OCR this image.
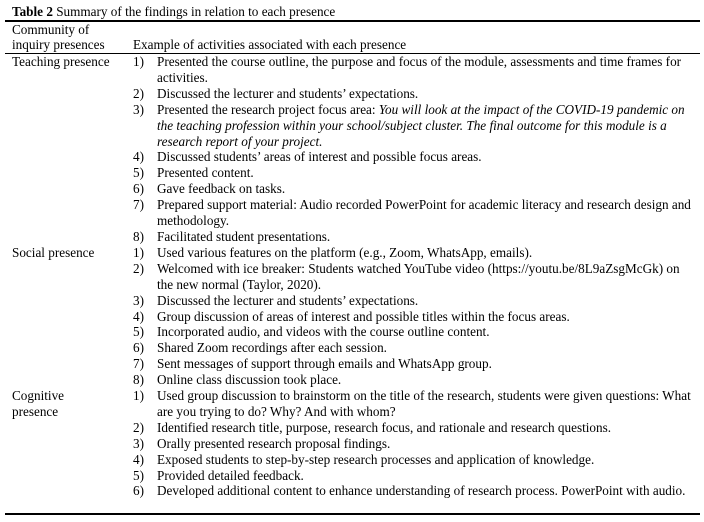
Table 2 Summary of the findings in relation to each presence
Community of
inquiry presences Example of activities associated with each presence
Teaching presence	1) Presented the course outline, the purpose and focus of the module, assessments and time frames for activities.
2) Discussed the lecturer and students’ expectations.
3) Presented the research project focus area: You will look at the impact of the COVID-19 pandemic on the teaching profession within your school/subject cluster. The final outcome for this module is a research report of your project.
4) Discussed students’ areas of interest and possible focus areas.
5) Presented content.
6) Gave feedback on tasks.
7) Prepared support material: Audio recorded PowerPoint for academic literacy and research design and methodology.
8) Facilitated student presentations.
Social presence	1) Used various features on the platform (e.g., Zoom, WhatsApp, emails).
2) Welcomed with ice breaker: Students watched YouTube video (https://youtu.be/8L9aZsgMcGk) on the new normal (Taylor, 2020).
3) Discussed the lecturer and students’ expectations.
4) Group discussion of areas of interest and possible titles within the focus areas.
5) Incorporated audio, and videos with the course outline content.
6) Shared Zoom recordings after each session.
7) Sent messages of support through emails and WhatsApp group.
8) Online class discussion took place.
Cognitive presence
1) Used group discussion to brainstorm on the title of the research, students were given questions: What are you trying to do? Why? And with whom?
2) Identified research title, purpose, research focus, and rationale and research questions.
3) Orally presented research proposal findings.
4) Exposed students to step-by-step research processes and application of knowledge.
5) Provided detailed feedback.
6) Developed additional content to enhance understanding of research process. PowerPoint with audio.
